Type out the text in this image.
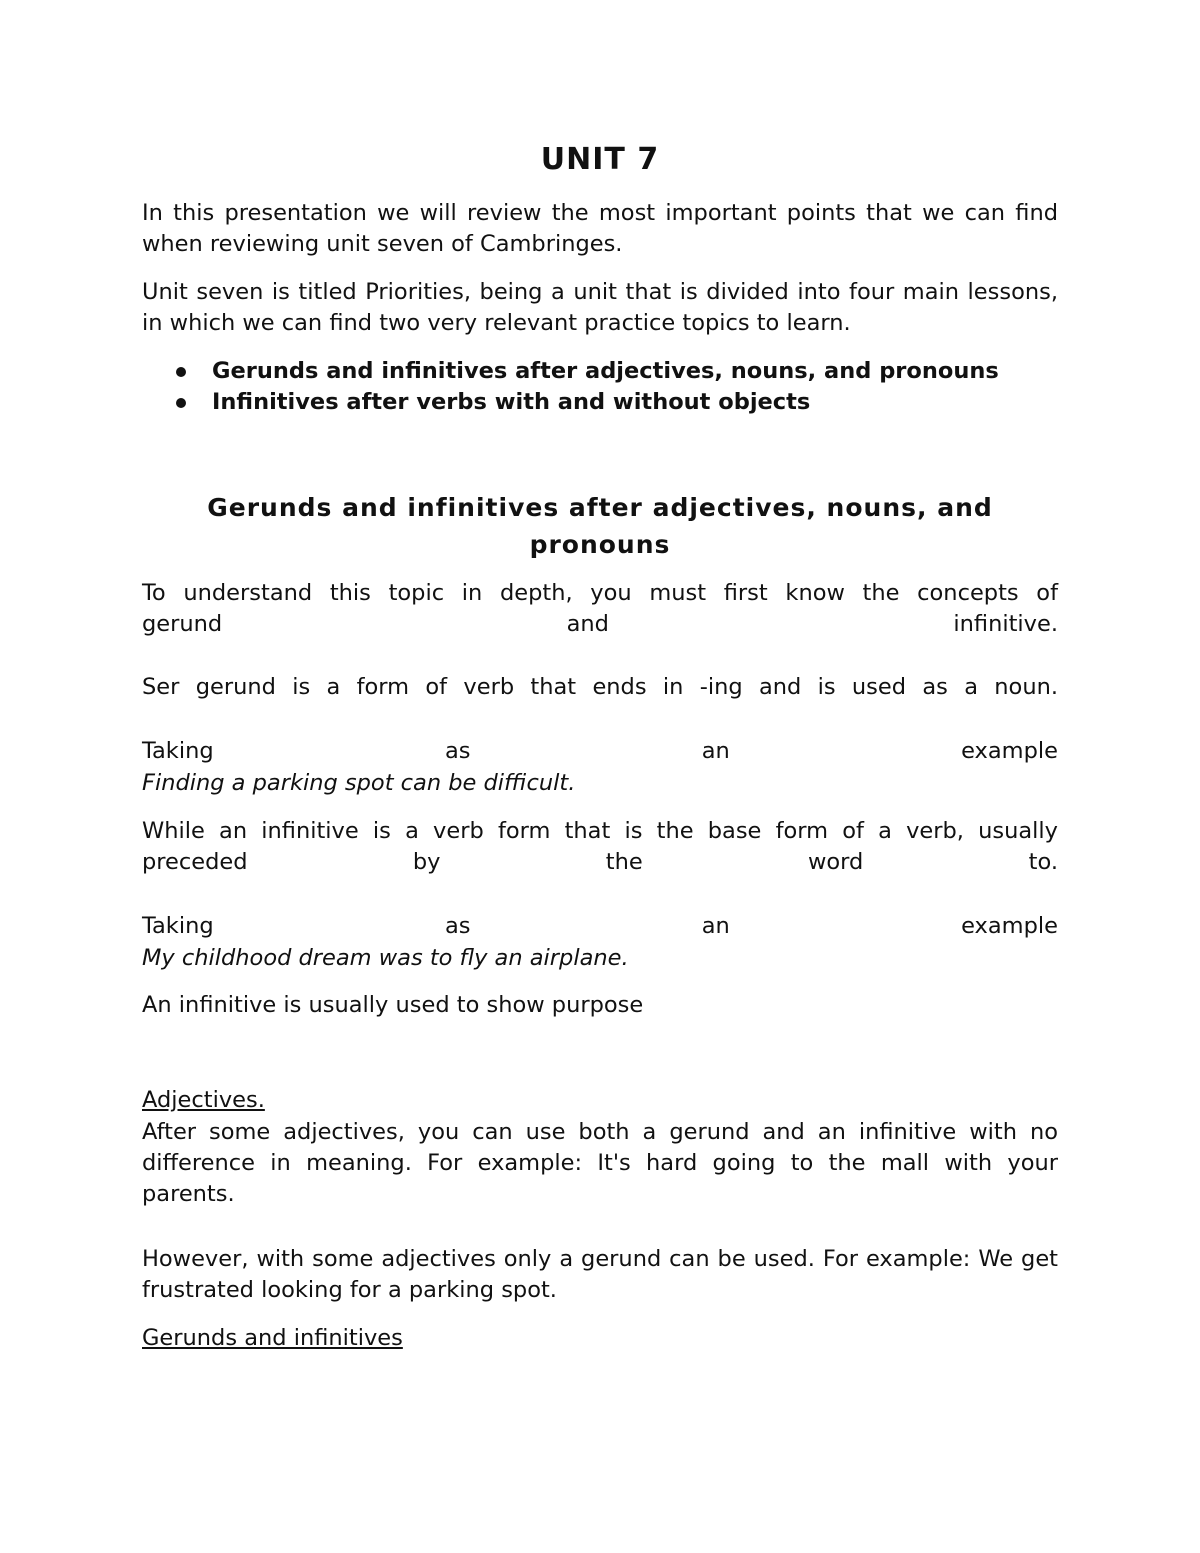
UNIT 7

In this presentation we will review the most important points that we can find when reviewing unit seven of Cambringes.

Unit seven is titled Priorities, being a unit that is divided into four main lessons, in which we can find two very relevant practice topics to learn.

Gerunds and infinitives after adjectives, nouns, and pronouns
Infinitives after verbs with and without objects
Gerunds and infinitives after adjectives, nouns, and
pronouns
To understand this topic in depth, you must first know the concepts of
gerund	and	infinitive.
Ser gerund is a form of verb that ends in -ing and is used as a noun.
Taking	as	an	example

Finding a parking spot can be difficult.

While an infinitive is a verb form that is the base form of a verb, usually
preceded	by	the	word	to.
Taking	as	an	example

My childhood dream was to fly an airplane.

An infinitive is usually used to show purpose

Adjectives.

After some adjectives, you can use both a gerund and an infinitive with no difference in meaning. For example: It's hard going to the mall with your parents.

However, with some adjectives only a gerund can be used. For example: We get frustrated looking for a parking spot.

Gerunds and infinitives
